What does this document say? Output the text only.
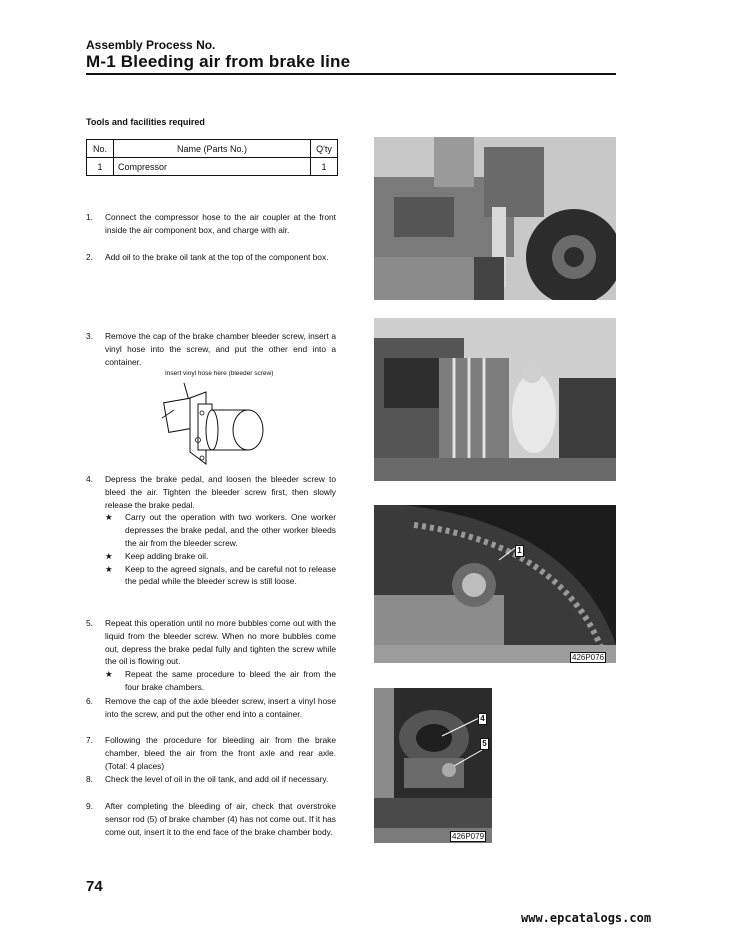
Assembly Process No.
M-1 Bleeding air from brake line
Tools and facilities required
No.	Name (Parts No.)	Q'ty
1	Compressor	1
1.	Connect the compressor hose to the air coupler at the front inside the air component box, and charge with air.
2.	Add oil to the brake oil tank at the top of the component box.
3.	Remove the cap of the brake chamber bleeder screw, insert a vinyl hose into the screw, and put the other end into a container.
Insert vinyl hose here (bleeder screw)
4.	Depress the brake pedal, and loosen the bleeder screw to bleed the air. Tighten the bleeder screw first, then slowly release the brake pedal.
★ Carry out the operation with two workers. One worker depresses the brake pedal, and the other worker bleeds the air from the bleeder screw.
★ Keep adding brake oil.
★ Keep to the agreed signals, and be careful not to release the pedal while the bleeder screw is still loose.
5.	Repeat this operation until no more bubbles come out with the liquid from the bleeder screw. When no more bubbles come out, depress the brake pedal fully and tighten the screw while the oil is flowing out.
★ Repeat the same procedure to bleed the air from the four brake chambers.
6.	Remove the cap of the axle bleeder screw, insert a vinyl hose into the screw, and put the other end into a container.
7.	Following the procedure for bleeding air from the brake chamber, bleed the air from the front axle and rear axle. (Total: 4 places)
8.	Check the level of oil in the oil tank, and add oil if necessary.
9.	After completing the bleeding of air, check that overstroke sensor rod (5) of brake chamber (4) has not come out. If it has come out, insert it to the end face of the brake chamber body.
1
426P076
4
5
426P079
74
www.epcatalogs.com
